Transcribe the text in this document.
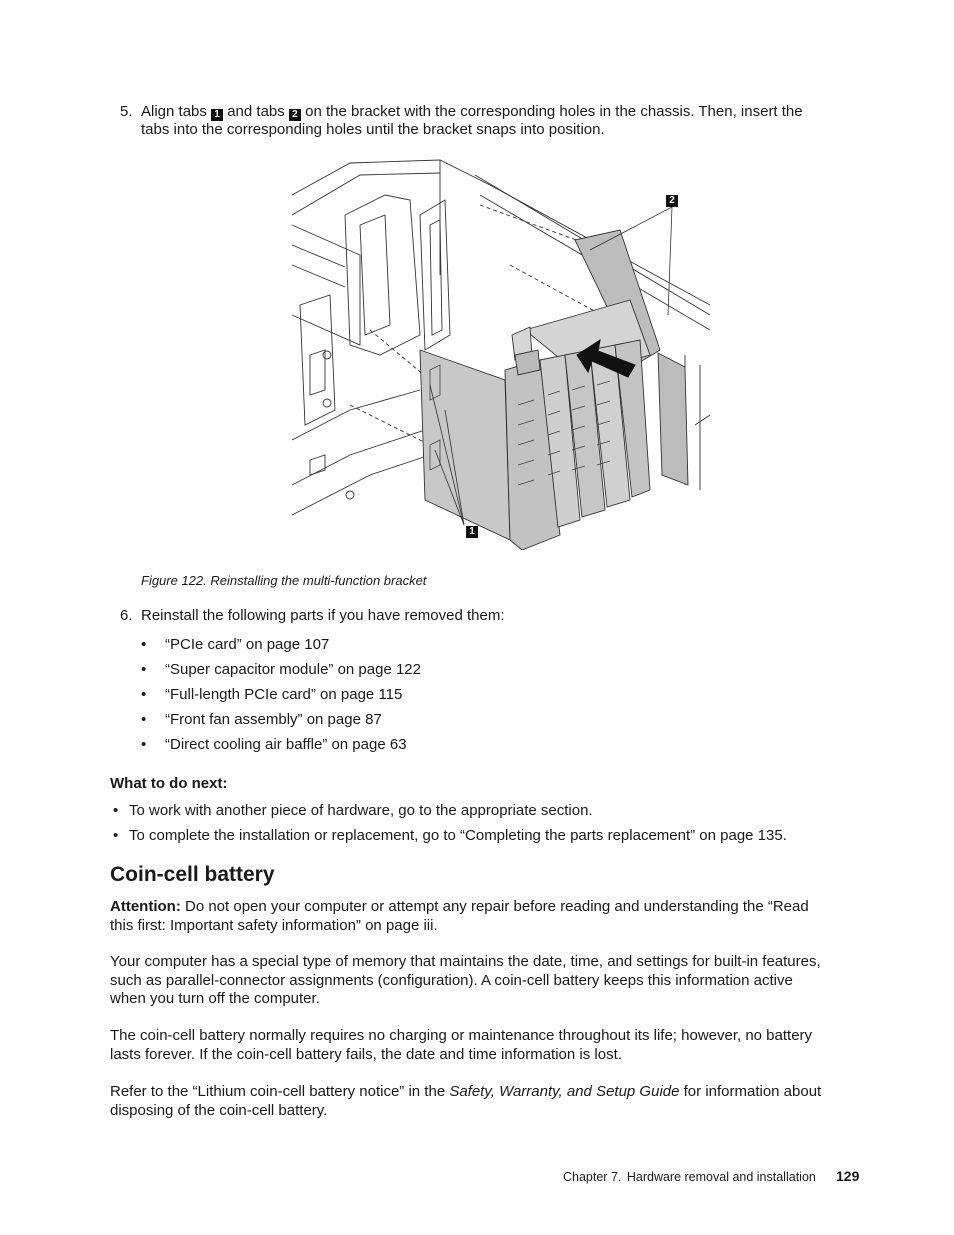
5. Align tabs 1 and tabs 2 on the bracket with the corresponding holes in the chassis. Then, insert the
tabs into the corresponding holes until the bracket snaps into position.
2
1
Figure 122. Reinstalling the multi-function bracket
6. Reinstall the following parts if you have removed them:
• “PCIe card” on page 107
• “Super capacitor module” on page 122
• “Full-length PCIe card” on page 115
• “Front fan assembly” on page 87
• “Direct cooling air baffle” on page 63
What to do next:
• To work with another piece of hardware, go to the appropriate section.
• To complete the installation or replacement, go to “Completing the parts replacement” on page 135.
Coin-cell battery
Attention: Do not open your computer or attempt any repair before reading and understanding the “Read
this first: Important safety information” on page iii.
Your computer has a special type of memory that maintains the date, time, and settings for built-in features,
such as parallel-connector assignments (configuration). A coin-cell battery keeps this information active
when you turn off the computer.
The coin-cell battery normally requires no charging or maintenance throughout its life; however, no battery
lasts forever. If the coin-cell battery fails, the date and time information is lost.
Refer to the “Lithium coin-cell battery notice” in the Safety, Warranty, and Setup Guide for information about
disposing of the coin-cell battery.
Chapter 7. Hardware removal and installation 129
